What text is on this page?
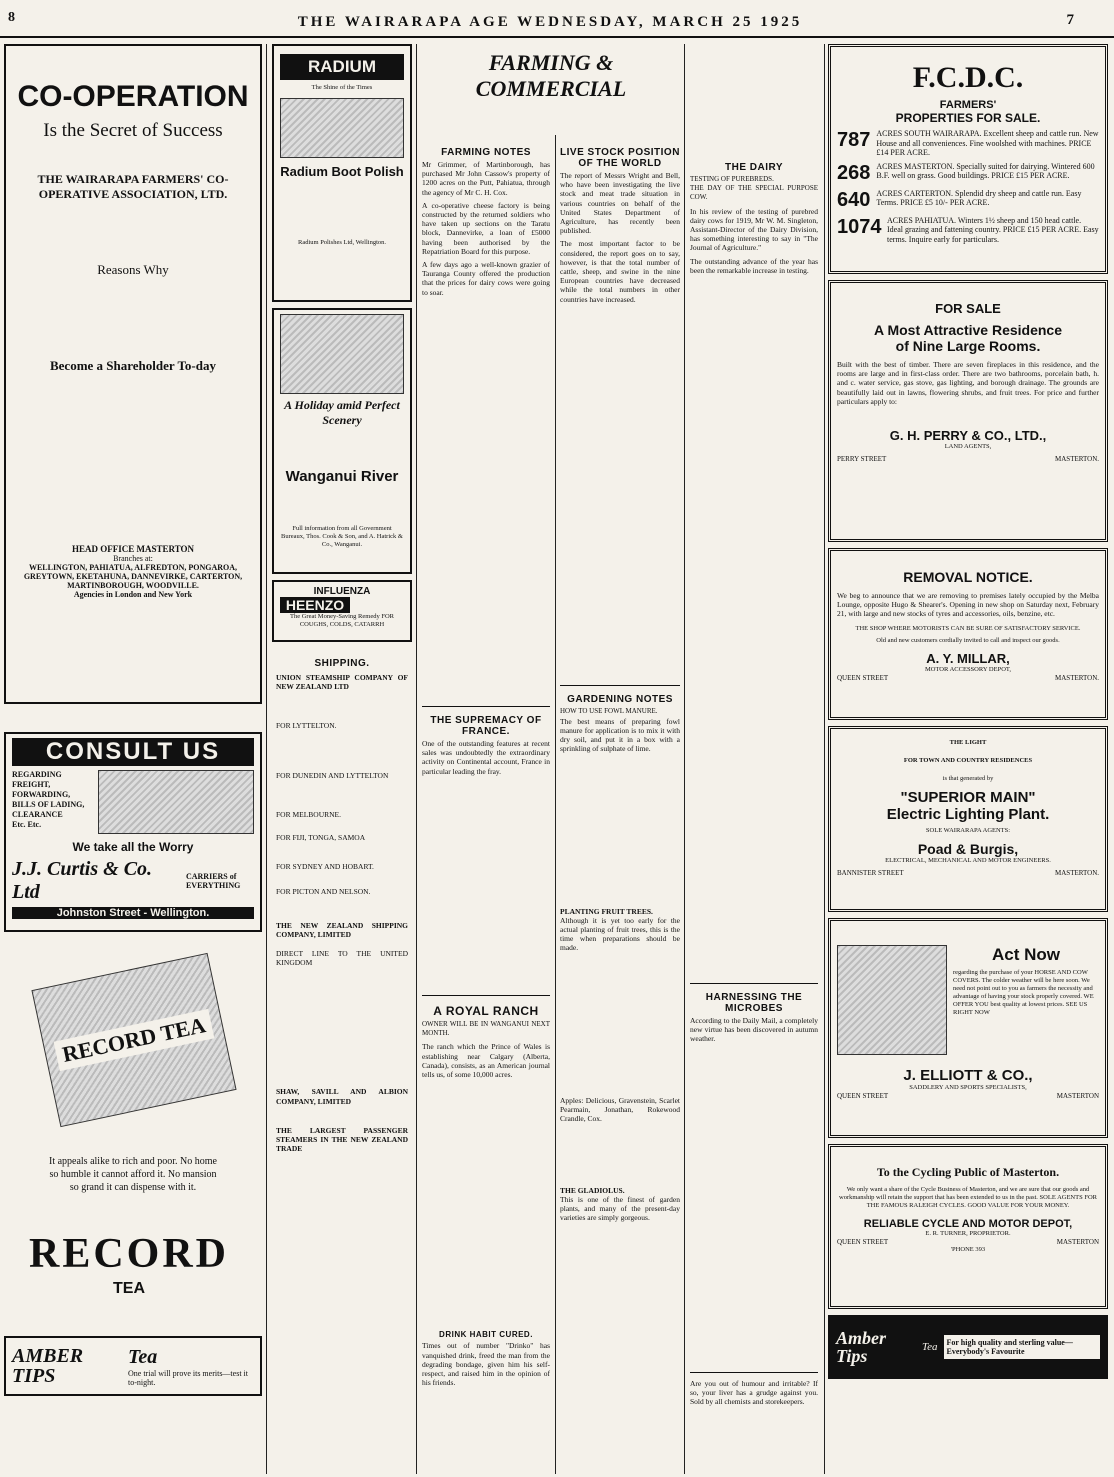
8	THE WAIRARAPA AGE WEDNESDAY, MARCH 25 1925	7
CO-OPERATION
Is the Secret of Success
THE WAIRARAPA FARMERS' CO-OPERATIVE ASSOCIATION, LTD.
Reasons Why
Become a Shareholder To-day
HEAD OFFICE MASTERTON
Branches at:
WELLINGTON, PAHIATUA, ALFREDTON, PONGAROA, GREYTOWN, EKETAHUNA, DANNEVIRKE, CARTERTON, MARTINBOROUGH, WOODVILLE.
Agencies in London and New York
CONSULT US
REGARDING
FREIGHT,
FORWARDING,
BILLS OF LADING,
CLEARANCE
Etc. Etc.
We take all the Worry
J.J. Curtis & Co. Ltd
CARRIERS of EVERYTHING
Johnston Street - Wellington.
RECORD TEA
It appeals alike to rich and poor. No home so humble it cannot afford it. No mansion so grand it can dispense with it.
RECORD
TEA
AMBER TIPS
Tea
One trial will prove its merits—test it to-night.
RADIUM
The Shine of the Times
Radium Boot Polish
Radium Polishes Ltd, Wellington.
A Holiday amid Perfect Scenery
Wanganui River
Full information from all Government Bureaux, Thos. Cook & Son, and A. Hatrick & Co., Wanganui.
INFLUENZA
HEENZO
The Great Money-Saving Remedy FOR COUGHS, COLDS, CATARRH
SHIPPING.
UNION STEAMSHIP COMPANY OF NEW ZEALAND LTD
FOR LYTTELTON.
FOR DUNEDIN AND LYTTELTON
FOR MELBOURNE.
FOR FIJI, TONGA, SAMOA
FOR SYDNEY AND HOBART.
FOR PICTON AND NELSON.
THE NEW ZEALAND SHIPPING COMPANY, LIMITED
DIRECT LINE TO THE UNITED KINGDOM
SHAW, SAVILL AND ALBION COMPANY, LIMITED
THE LARGEST PASSENGER STEAMERS IN THE NEW ZEALAND TRADE
FARMING & COMMERCIAL
FARMING NOTES

Mr Grimmer, of Martinborough, has purchased Mr John Cassow's property of 1200 acres on the Putt, Pahiatua, through the agency of Mr C. H. Cox.

A co-operative cheese factory is being constructed by the returned soldiers who have taken up sections on the Taratu block, Dannevirke, a loan of £5000 having been authorised by the Repatriation Board for this purpose.

A few days ago a well-known grazier of Tauranga County offered the production that the prices for dairy cows were going to soar.

THE SUPREMACY OF FRANCE.

One of the outstanding features at recent sales was undoubtedly the extraordinary activity on Continental account, France in particular leading the fray.

A ROYAL RANCH
OWNER WILL BE IN WANGANUI NEXT MONTH.

The ranch which the Prince of Wales is establishing near Calgary (Alberta, Canada), consists, as an American journal tells us, of some 10,000 acres.

DRINK HABIT CURED.

Times out of number "Drinko" has vanquished drink, freed the man from the degrading bondage, given him his self-respect, and raised him in the opinion of his friends.

LIVE STOCK POSITION OF THE WORLD

The report of Messrs Wright and Bell, who have been investigating the live stock and meat trade situation in various countries on behalf of the United States Department of Agriculture, has recently been published.

The most important factor to be considered, the report goes on to say, however, is that the total number of cattle, sheep, and swine in the nine European countries have decreased while the total numbers in other countries have increased.

GARDENING NOTES
HOW TO USE FOWL MANURE.

The best means of preparing fowl manure for application is to mix it with dry soil, and put it in a box with a sprinkling of sulphate of lime.

PLANTING FRUIT TREES.

Although it is yet too early for the actual planting of fruit trees, this is the time when preparations should be made.

Apples: Delicious, Gravenstein, Scarlet Pearmain, Jonathan, Rokewood Crandle, Cox.

THE GLADIOLUS.

This is one of the finest of garden plants, and many of the present-day varieties are simply gorgeous.

THE DAIRY
TESTING OF PUREBREDS.
THE DAY OF THE SPECIAL PURPOSE COW.

In his review of the testing of purebred dairy cows for 1919, Mr W. M. Singleton, Assistant-Director of the Dairy Division, has something interesting to say in "The Journal of Agriculture."

The outstanding advance of the year has been the remarkable increase in testing.

HARNESSING THE MICROBES

According to the Daily Mail, a completely new virtue has been discovered in autumn weather.

Are you out of humour and irritable? If so, your liver has a grudge against you. Sold by all chemists and storekeepers.

F.C.D.C.
FARMERS'
PROPERTIES FOR SALE.
787 ACRES SOUTH WAIRARAPA. Excellent sheep and cattle run. New House and all conveniences. Fine woolshed with machines. PRICE £14 PER ACRE.
268 ACRES MASTERTON. Specially suited for dairying. Wintered 600 B.F. well on grass. Good buildings. PRICE £15 PER ACRE.
640 ACRES CARTERTON. Splendid dry sheep and cattle run. Easy Terms. PRICE £5 10/- PER ACRE.
1074 ACRES PAHIATUA. Winters 1½ sheep and 150 head cattle. Ideal grazing and fattening country. PRICE £15 PER ACRE. Easy terms. Inquire early for particulars.
FOR SALE
A Most Attractive Residence
of Nine Large Rooms.

Built with the best of timber. There are seven fireplaces in this residence, and the rooms are large and in first-class order. There are two bathrooms, porcelain bath, h. and c. water service, gas stove, gas lighting, and borough drainage. The grounds are beautifully laid out in lawns, flowering shrubs, and fruit trees. For price and further particulars apply to:

G. H. PERRY & CO., LTD.,
LAND AGENTS,
PERRY STREET	MASTERTON.
REMOVAL NOTICE.

We beg to announce that we are removing to premises lately occupied by the Melba Lounge, opposite Hugo & Shearer's. Opening in new shop on Saturday next, February 21, with large and new stocks of tyres and accessories, oils, benzine, etc.

THE SHOP WHERE MOTORISTS CAN BE SURE OF SATISFACTORY SERVICE.
Old and new customers cordially invited to call and inspect our goods.
A. Y. MILLAR,
MOTOR ACCESSORY DEPOT,
QUEEN STREET	MASTERTON.
THE LIGHT
FOR TOWN AND COUNTRY RESIDENCES
is that generated by
"SUPERIOR MAIN"
Electric Lighting Plant.
SOLE WAIRARAPA AGENTS:
Poad & Burgis,
ELECTRICAL, MECHANICAL AND MOTOR ENGINEERS.
BANNISTER STREET	MASTERTON.
Act Now

regarding the purchase of your HORSE AND COW COVERS. The colder weather will be here soon. We need not point out to you as farmers the necessity and advantage of having your stock properly covered. WE OFFER YOU best quality at lowest prices. SEE US RIGHT NOW

J. ELLIOTT & CO.,
SADDLERY AND SPORTS SPECIALISTS,
QUEEN STREET	MASTERTON
To the Cycling Public of Masterton.

We only want a share of the Cycle Business of Masterton, and we are sure that our goods and workmanship will retain the support that has been extended to us in the past. SOLE AGENTS FOR THE FAMOUS RALEIGH CYCLES. GOOD VALUE FOR YOUR MONEY.

RELIABLE CYCLE AND MOTOR DEPOT,
E. R. TURNER, PROPRIETOR.
QUEEN STREET	MASTERTON
'PHONE 393
Amber Tips	Tea	For high quality and sterling value—Everybody's Favourite
